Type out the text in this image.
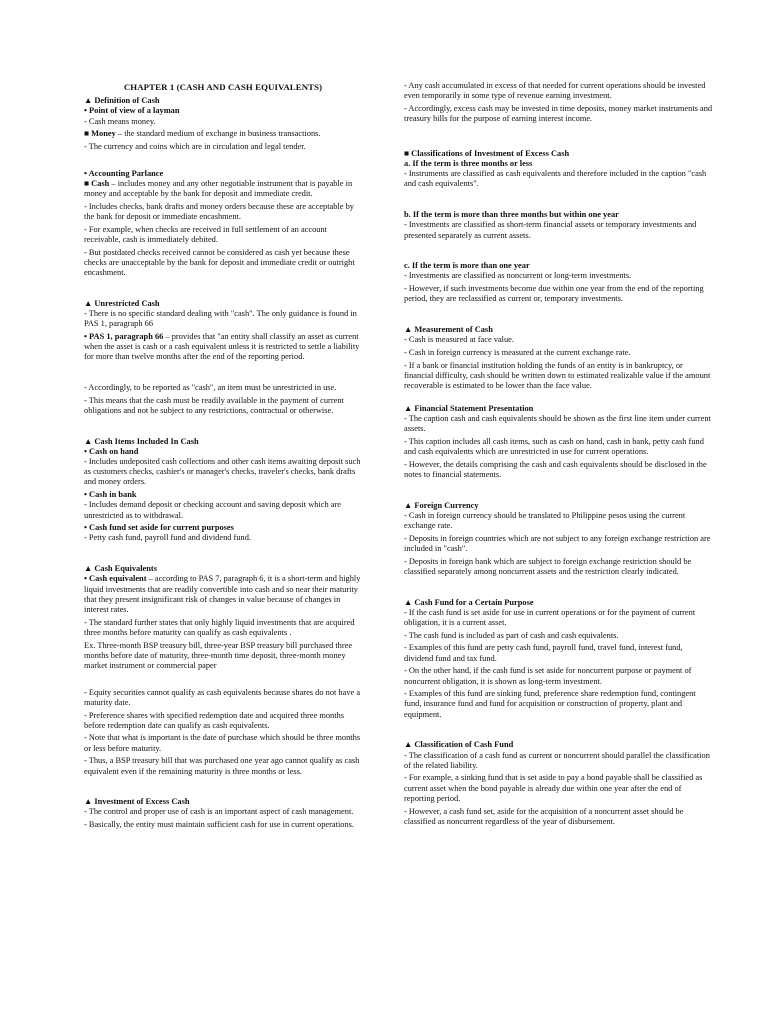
CHAPTER 1 (CASH AND CASH EQUIVALENTS)

▲ Definition of Cash

• Point of view of a layman

- Cash means money.

■ Money – the standard medium of exchange in business transactions.

- The currency and coins which are in circulation and legal tender.

• Accounting Parlance

■ Cash – includes money and any other negotiable instrument that is payable in money and acceptable by the bank for deposit and immediate credit.

- Includes checks, bank drafts and money orders because these are acceptable by the bank for deposit or immediate encashment.

- For example, when checks are received in full settlement of an account receivable, cash is immediately debited.

- But postdated checks received cannot be considered as cash yet because these checks are unacceptable by the bank for deposit and immediate credit or outright encashment.

▲ Unrestricted Cash

- There is no specific standard dealing with "cash". The only guidance is found in PAS 1, paragraph 66

• PAS 1, paragraph 66 – provides that "an entity shall classify an asset as current when the asset is cash or a cash equivalent unless it is restricted to settle a liability for more than twelve months after the end of the reporting period.

- Accordingly, to be reported as "cash", an item must be unrestricted in use.

- This means that the cash must be readily available in the payment of current obligations and not be subject to any restrictions, contractual or otherwise.

▲ Cash Items Included In Cash

• Cash on hand

- Includes undeposited cash collections and other cash items awaiting deposit such as customers checks, cashier's or manager's checks, traveler's checks, bank drafts and money orders.

• Cash in bank

- Includes demand deposit or checking account and saving deposit which are unrestricted as to withdrawal.

• Cash fund set aside for current purposes

- Petty cash fund, payroll fund and dividend fund.

▲ Cash Equivalents

• Cash equivalent – according to PAS 7, paragraph 6, it is a short-term and highly liquid investments that are readily convertible into cash and so near their maturity that they present insignificant risk of changes in value because of changes in interest rates.

- The standard further states that only highly liquid investments that are acquired three months before maturity can qualify as cash equivalents .

Ex. Three-month BSP treasury bill, three-year BSP treasury bill purchased three months before date of maturity, three-month time deposit, three-month money market instrument or commercial paper

- Equity securities cannot qualify as cash equivalents because shares do not have a maturity date.

- Preference shares with specified redemption date and acquired three months before redemption date can qualify as cash equivalents.

- Note that what is important is the date of purchase which should be three months or less before maturity.

- Thus, a BSP treasury bill that was purchased one year ago cannot qualify as cash equivalent even if the remaining maturity is three months or less.

▲ Investment of Excess Cash

- The control and proper use of cash is an important aspect of cash management.

- Basically, the entity must maintain sufficient cash for use in current operations.

- Any cash accumulated in excess of that needed for current operations should be invested even temporarily in some type of revenue earning investment.

- Accordingly, excess cash may be invested in time deposits, money market instruments and treasury bills for the purpose of earning interest income.

■ Classifications of Investment of Excess Cash

a. If the term is three months or less

- Instruments are classified as cash equivalents and therefore included in the caption "cash and cash equivalents".

b. If the term is more than three months but within one year

- Investments are classified as short-term financial assets or temporary investments and presented separately as current assets.

c. If the term is more than one year

- Investments are classified as noncurrent or long-term investments.

- However, if such investments become due within one year from the end of the reporting period, they are reclassified as current or, temporary investments.

▲ Measurement of Cash

- Cash is measured at face value.

- Cash in foreign currency is measured at the current exchange rate.

- If a bank or financial institution holding the funds of an entity is in bankruptcy, or financial difficulty, cash should be written down to estimated realizable value if the amount recoverable is estimated to be lower than the face value.

▲ Financial Statement Presentation

- The caption cash and cash equivalents should be shown as the first line item under current assets.

- This caption includes all cash items, such as cash on hand, cash in bank, petty cash fund and cash equivalents which are unrestricted in use for current operations.

- However, the details comprising the cash and cash equivalents should be disclosed in the notes to financial statements.

▲ Foreign Currency

- Cash in foreign currency should be translated to Philippine pesos using the current exchange rate.

- Deposits in foreign countries which are not subject to any foreign exchange restriction are included in "cash".

- Deposits in foreign bank which are subject to foreign exchange restriction should be classified separately among noncurrent assets and the restriction clearly indicated.

▲ Cash Fund for a Certain Purpose

- If the cash fund is set aside for use in current operations or for the payment of current obligation, it is a current asset.

- The cash fund is included as part of cash and cash equivalents.

- Examples of this fund are petty cash fund, payroll fund, travel fund, interest fund, dividend fund and tax fund.

- On the other hand, if the cash fund is set aside for noncurrent purpose or payment of noncurrent obligation, it is shown as long-term investment.

- Examples of this fund are sinking fund, preference share redemption fund, contingent fund, insurance fund and fund for acquisition or construction of property, plant and equipment.

▲ Classification of Cash Fund

- The classification of a cash fund as current or noncurrent should parallel the classification of the related liability.

- For example, a sinking fund that is set aside to pay a bond payable shall be classified as current asset when the bond payable is already due within one year after the end of reporting period.

- However, a cash fund set, aside for the acquisition of a noncurrent asset should be classified as noncurrent regardless of the year of disbursement.
